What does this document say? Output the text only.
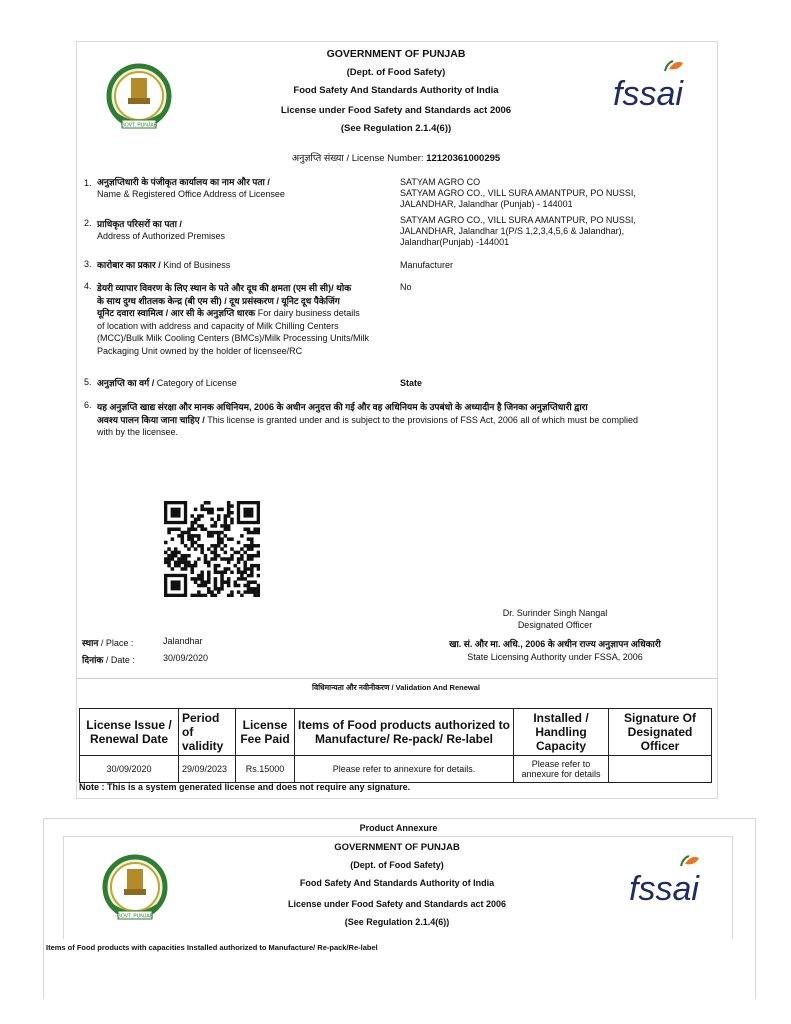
GOVERNMENT OF PUNJAB
(Dept. of Food Safety)
Food Safety And Standards Authority of India
License under Food Safety and Standards act 2006
(See Regulation 2.1.4(6))
GOVT. PUNJAB
fssai
अनुज्ञप्ति संख्या / License Number: 12120361000295
1. अनुज्ञप्तिधारी के पंजीकृत कार्यालय का नाम और पता /
Name & Registered Office Address of Licensee
SATYAM AGRO CO
SATYAM AGRO CO., VILL SURA AMANTPUR, PO NUSSI,
JALANDHAR, Jalandhar (Punjab) - 144001
2. प्राधिकृत परिसरों का पता /
Address of Authorized Premises
SATYAM AGRO CO., VILL SURA AMANTPUR, PO NUSSI,
JALANDHAR, Jalandhar 1(P/S 1,2,3,4,5,6 & Jalandhar),
Jalandhar(Punjab) -144001
3. कारोबार का प्रकार / Kind of Business	Manufacturer
4. डेयरी व्यापार विवरण के लिए स्थान के पते और दूध की क्षमता (एम सी सी)/ थोक
के साथ दुग्ध शीतलक केन्द्र (बी एम सी) / दूध प्रसंस्करण / यूनिट दूध पैकेजिंग
यूनिट दवारा स्वामित्व / आर सी के अनुज्ञप्ति धारक For dairy business details
of location with address and capacity of Milk Chilling Centers
(MCC)/Bulk Milk Cooling Centers (BMCs)/Milk Processing Units/Milk
Packaging Unit owned by the holder of licensee/RC
No
5. अनुज्ञप्ति का वर्ग / Category of License	State
6. यह अनुज्ञप्ति खाद्य संरक्षा और मानक अधिनियम, 2006 के अधीन अनुदत्त की गई और वह अधिनियम के उपबंधो के अध्यादीन है जिनका अनुज्ञप्तिधारी द्वारा
अवश्य पालन किया जाना चाहिए / This license is granted under and is subject to the provisions of FSS Act, 2006 all of which must be complied
with by the licensee.
Dr. Surinder Singh Nangal
Designated Officer
खा. सं. और मा. अधि., 2006 के अधीन राज्य अनुज्ञापन अधिकारी
State Licensing Authority under FSSA, 2006
स्थान / Place :	Jalandhar
दिनांक / Date :	30/09/2020
विधिमान्यता और नवीनीकरण / Validation And Renewal
License Issue / Renewal Date	Period of validity	License Fee Paid	Items of Food products authorized to Manufacture/ Re-pack/ Re-label	Installed / Handling Capacity	Signature Of Designated Officer
30/09/2020	29/09/2023	Rs.15000	Please refer to annexure for details.	Please refer to annexure for details	
Note : This is a system generated license and does not require any signature.
Product Annexure
GOVERNMENT OF PUNJAB
(Dept. of Food Safety)
Food Safety And Standards Authority of India
License under Food Safety and Standards act 2006
(See Regulation 2.1.4(6))
GOVT. PUNJAB
fssai
Items of Food products with capacities Installed authorized to Manufacture/ Re-pack/Re-label
